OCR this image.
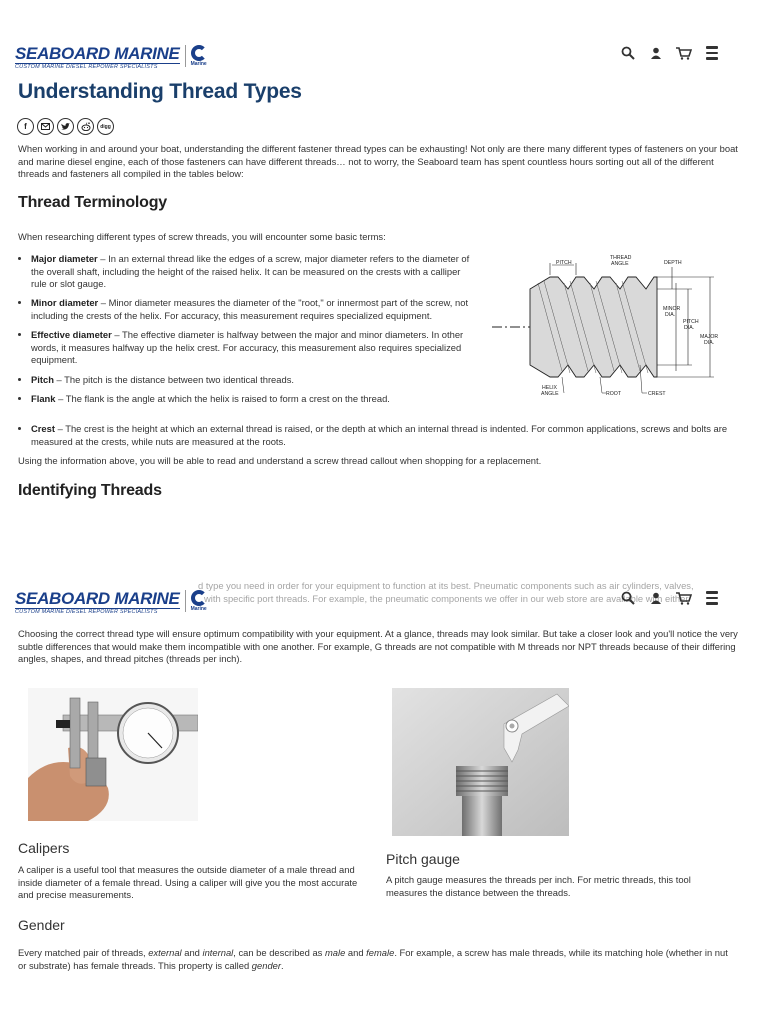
SEABOARD MARINE
CUSTOM MARINE DIESEL REPOWER SPECIALISTS	Marine
Understanding Thread Types
f	digg

When working in and around your boat, understanding the different fastener thread types can be exhausting! Not only are there many different types of fasteners on your boat and marine diesel engine, each of those fasteners can have different threads… not to worry, the Seaboard team has spent countless hours sorting out all of the different threads and fasteners all compiled in the tables below:

Thread Terminology

When researching different types of screw threads, you will encounter some basic terms:

• Major diameter – In an external thread like the edges of a screw, major diameter refers to the diameter of the overall shaft, including the height of the raised helix. It can be measured on the crests with a calliper rule or slot gauge.
• Minor diameter – Minor diameter measures the diameter of the "root," or innermost part of the screw, not including the crests of the helix. For accuracy, this measurement requires specialized equipment.
• Effective diameter – The effective diameter is halfway between the major and minor diameters. In other words, it measures halfway up the helix crest. For accuracy, this measurement also requires specialized equipment.
• Pitch – The pitch is the distance between two identical threads.
• Flank – The flank is the angle at which the helix is raised to form a crest on the thread.
• Crest – The crest is the height at which an external thread is raised, or the depth at which an internal thread is indented. For common applications, screws and bolts are measured at the crests, while nuts are measured at the roots.
PITCH
THREAD
ANGLE	DEPTH
MINOR
DIA.
PITCH
DIA.
MAJOR
DIA.
HELIX
ANGLE	ROOT	CREST

Using the information above, you will be able to read and understand a screw thread callout when shopping for a replacement.

Identifying Threads

SEABOARD MARINE
CUSTOM MARINE DIESEL REPOWER SPECIALISTS	Marine

Choosing the correct thread type will ensure optimum compatibility with your equipment. At a glance, threads may look similar. But take a closer look and you'll notice the very subtle differences that would make them incompatible with one another. For example, G threads are not compatible with M threads nor NPT threads because of their differing angles, shapes, and thread pitches (threads per inch).

Calipers

A caliper is a useful tool that measures the outside diameter of a male thread and inside diameter of a female thread. Using a caliper will give you the most accurate and precise measurements.

Pitch gauge

A pitch gauge measures the threads per inch. For metric threads, this tool measures the distance between the threads.

Gender

Every matched pair of threads, external and internal, can be described as male and female. For example, a screw has male threads, while its matching hole (whether in nut or substrate) has female threads. This property is called gender.
